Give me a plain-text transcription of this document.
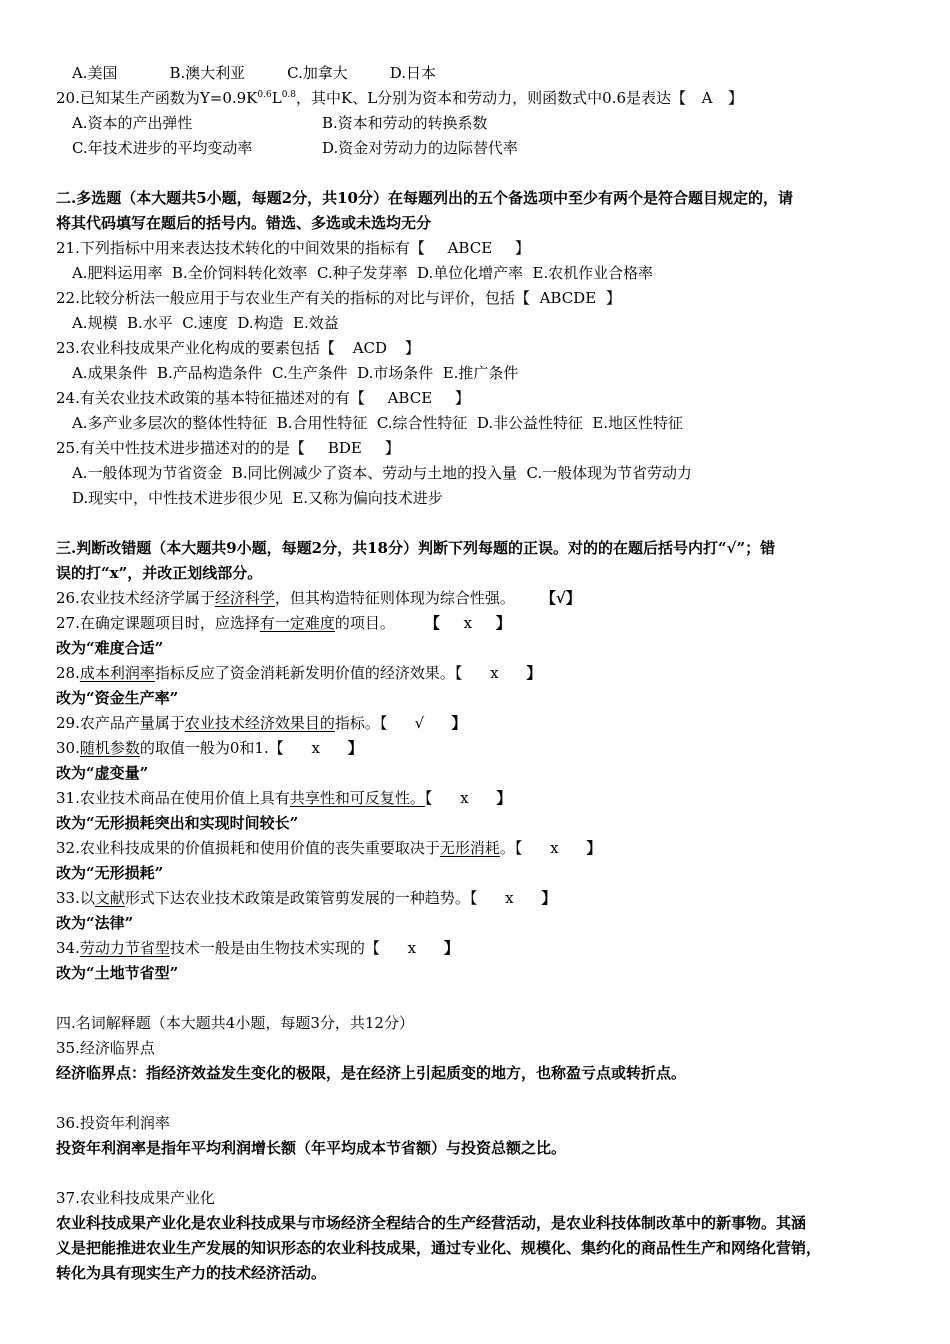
A.美国	B.澳大利亚	C.加拿大	D.日本
20.已知某生产函数为$Y=0.9K^{0.6}L^{0.8}$，其中K、L分别为资本和劳动力，则函数式中0.6是表达【 A 】
A.资本的产出弹性	B.资本和劳动的转换系数
C.年技术进步的平均变动率	D.资金对劳动力的边际替代率
二.多选题（本大题共5小题，每题2分，共10分）在每题列出的五个备选项中至少有两个是符合题目规定的，请
将其代码填写在题后的括号内。错选、多选或未选均无分
21.下列指标中用来表达技术转化的中间效果的指标有【 ABCE 】
A.肥料运用率  B.全价饲料转化效率  C.种子发芽率  D.单位化增产率  E.农机作业合格率
22.比较分析法一般应用于与农业生产有关的指标的对比与评价，包括【 ABCDE 】
A.规模  B.水平  C.速度  D.构造  E.效益
23.农业科技成果产业化构成的要素包括【 ACD 】
A.成果条件  B.产品构造条件  C.生产条件  D.市场条件  E.推广条件
24.有关农业技术政策的基本特征描述对的有【 ABCE 】
A.多产业多层次的整体性特征  B.合用性特征  C.综合性特征  D.非公益性特征  E.地区性特征
25.有关中性技术进步描述对的的是【 BDE 】
A.一般体现为节省资金  B.同比例减少了资本、劳动与土地的投入量  C.一般体现为节省劳动力
D.现实中，中性技术进步很少见  E.又称为偏向技术进步
三.判断改错题（本大题共9小题，每题2分，共18分）判断下列每题的正误。对的的在题后括号内打“√”；错
误的打“x”，并改正划线部分。
26.农业技术经济学属于经济科学，但其构造特征则体现为综合性强。 【√】
27.在确定课题项目时，应选择有一定难度的项目。 【 x 】
改为“难度合适”
28.成本利润率指标反应了资金消耗新发明价值的经济效果。【 x 】
改为“资金生产率”
29.农产品产量属于农业技术经济效果目的指标。【 √ 】
30.随机参数的取值一般为0和1.【 x 】
改为“虚变量”
31.农业技术商品在使用价值上具有共享性和可反复性。【 x 】
改为“无形损耗突出和实现时间较长”
32.农业科技成果的价值损耗和使用价值的丧失重要取决于无形消耗。【 x 】
改为“无形损耗”
33.以文献形式下达农业技术政策是政策管剪发展的一种趋势。【 x 】
改为“法律”
34.劳动力节省型技术一般是由生物技术实现的【 x 】
改为“土地节省型”
四.名词解释题（本大题共4小题，每题3分，共12分）
35.经济临界点
经济临界点：指经济效益发生变化的极限，是在经济上引起质变的地方，也称盈亏点或转折点。
36.投资年利润率
投资年利润率是指年平均利润增长额（年平均成本节省额）与投资总额之比。
37.农业科技成果产业化
农业科技成果产业化是农业科技成果与市场经济全程结合的生产经营活动，是农业科技体制改革中的新事物。其涵
义是把能推进农业生产发展的知识形态的农业科技成果，通过专业化、规模化、集约化的商品性生产和网络化营销，
转化为具有现实生产力的技术经济活动。
